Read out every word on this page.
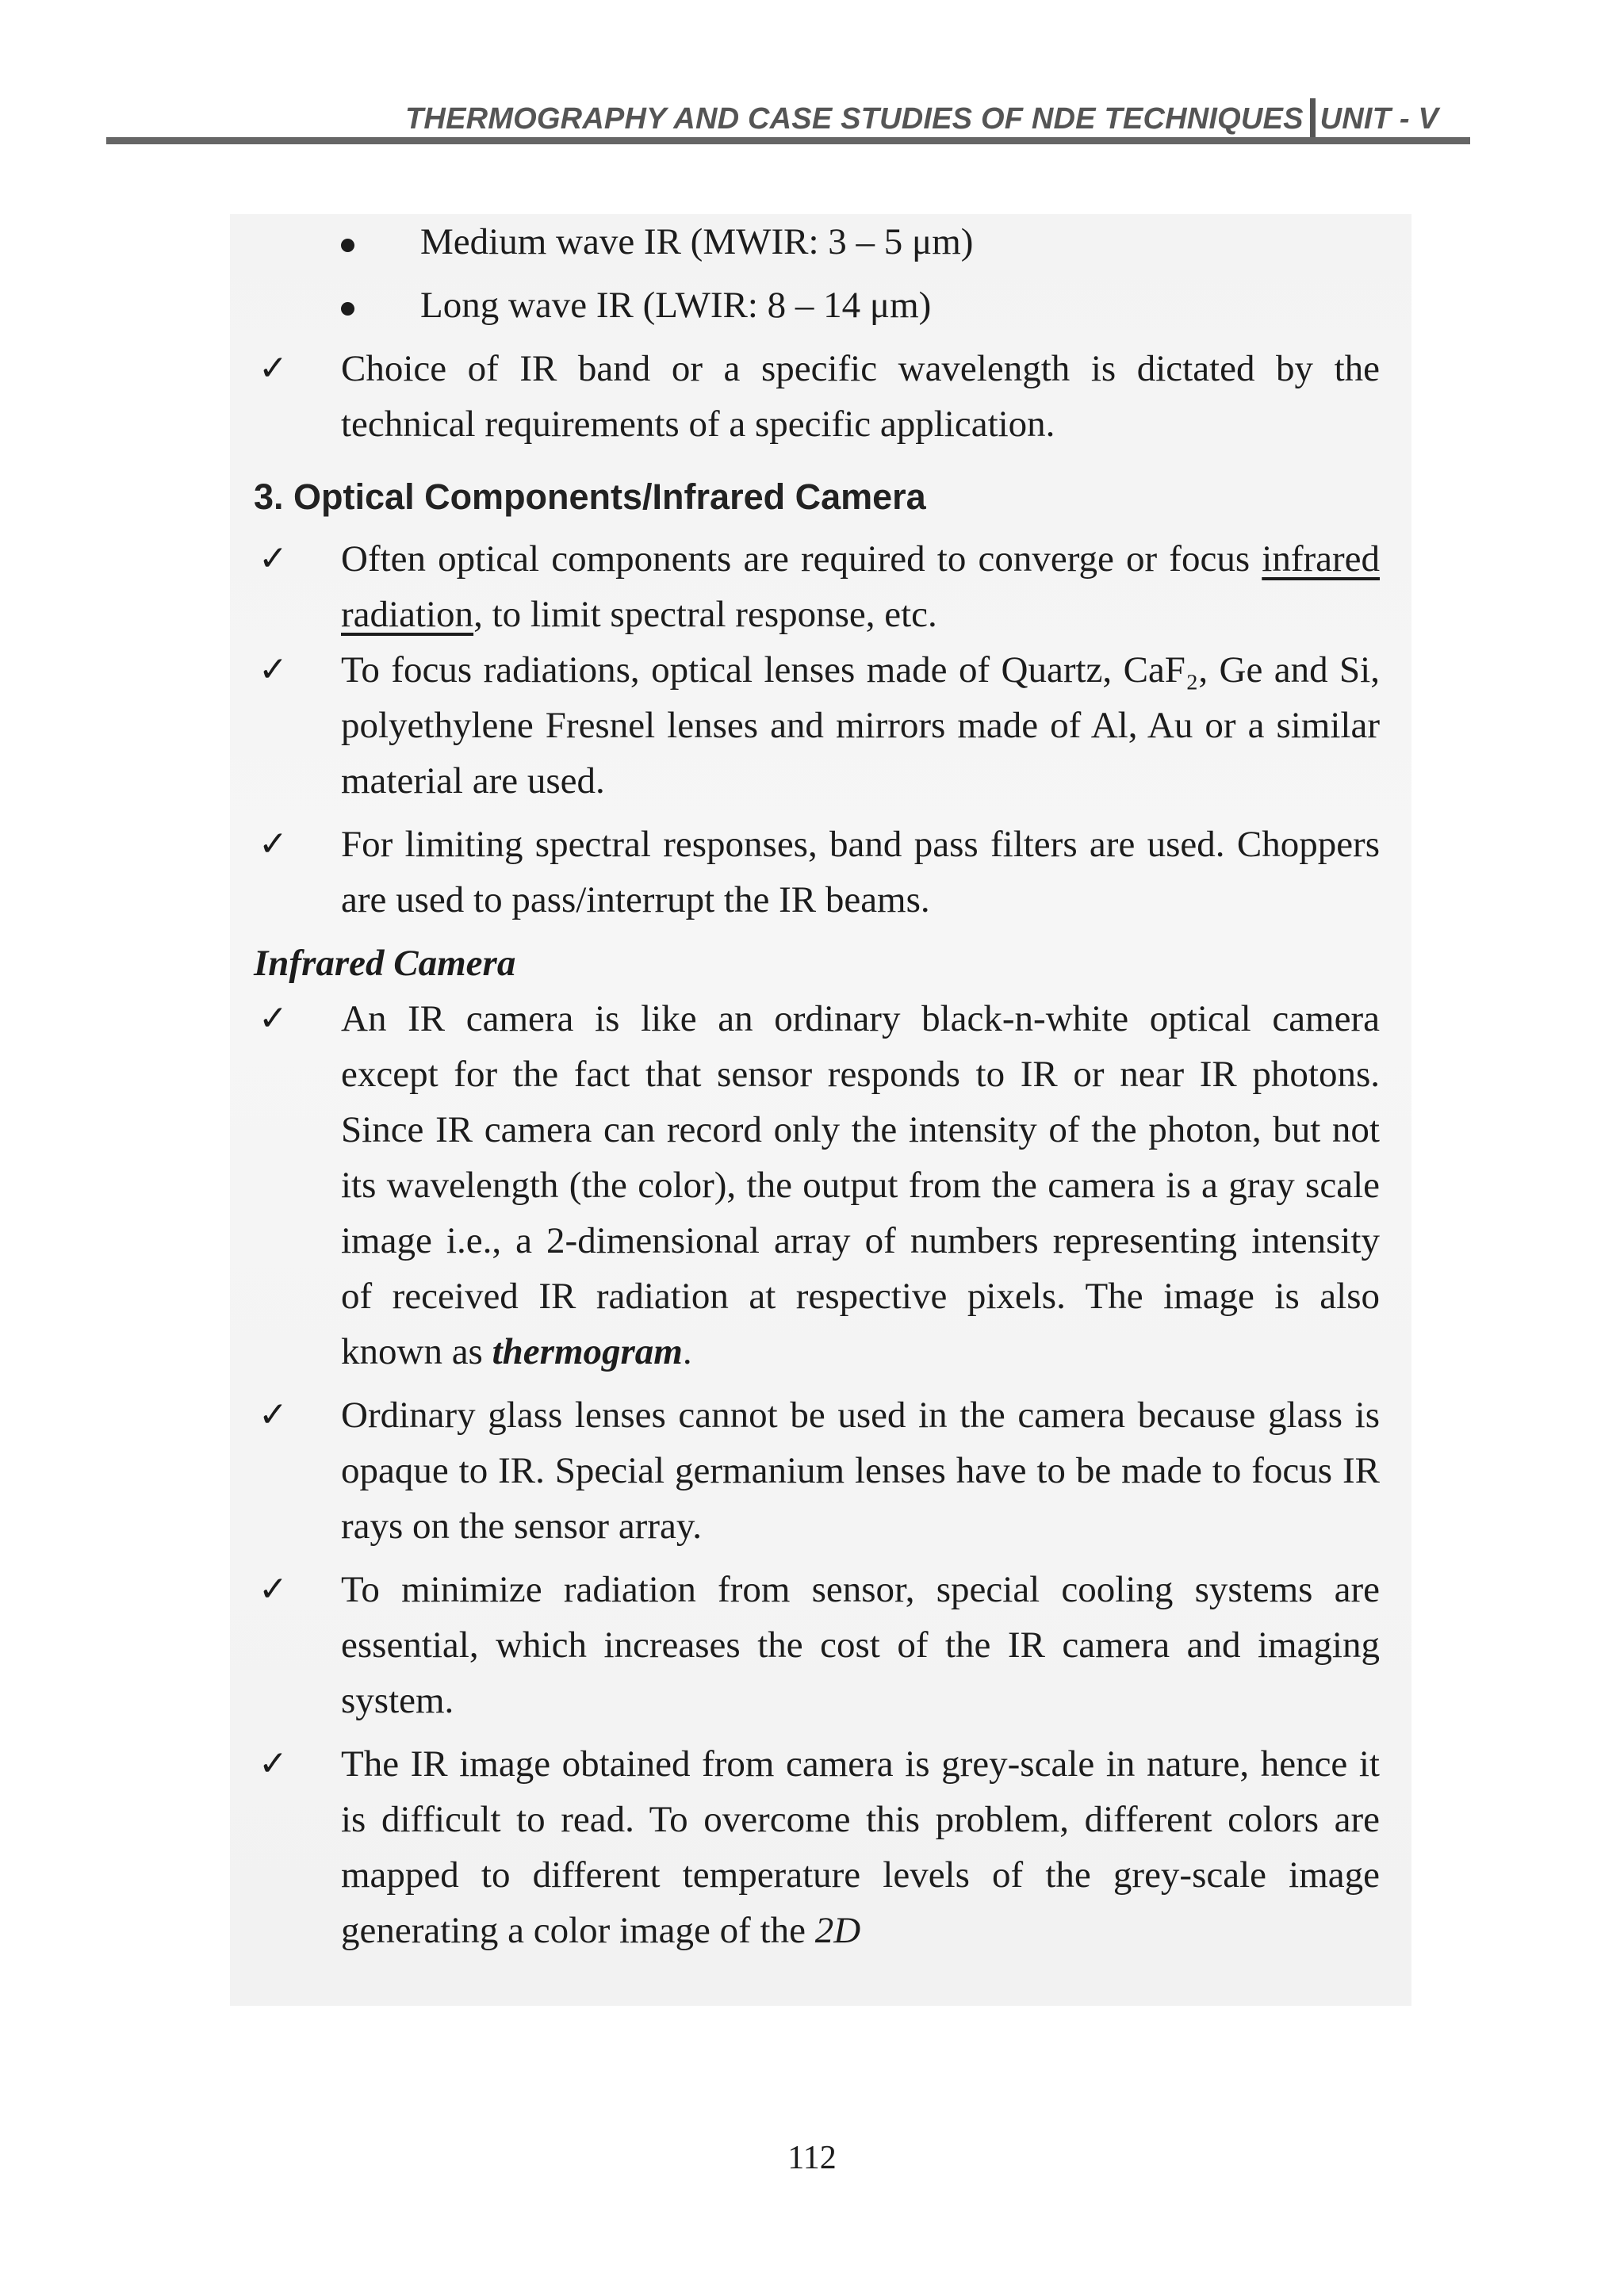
THERMOGRAPHY AND CASE STUDIES OF NDE TECHNIQUES UNIT - V
Medium wave IR (MWIR: 3 – 5 μm)
Long wave IR (LWIR: 8 – 14 μm)
✓ Choice of IR band or a specific wavelength is dictated by the technical requirements of a specific application.
3. Optical Components/Infrared Camera
✓ Often optical components are required to converge or focus infrared radiation, to limit spectral response, etc.
✓ To focus radiations, optical lenses made of Quartz, CaF₂, Ge and Si, polyethylene Fresnel lenses and mirrors made of Al, Au or a similar material are used.
✓ For limiting spectral responses, band pass filters are used. Choppers are used to pass/interrupt the IR beams.
Infrared Camera
✓ An IR camera is like an ordinary black-n-white optical camera except for the fact that sensor responds to IR or near IR photons. Since IR camera can record only the intensity of the photon, but not its wavelength (the color), the output from the camera is a gray scale image i.e., a 2-dimensional array of numbers representing intensity of received IR radiation at respective pixels. The image is also known as thermogram.
✓ Ordinary glass lenses cannot be used in the camera because glass is opaque to IR. Special germanium lenses have to be made to focus IR rays on the sensor array.
✓ To minimize radiation from sensor, special cooling systems are essential, which increases the cost of the IR camera and imaging system.
✓ The IR image obtained from camera is grey-scale in nature, hence it is difficult to read. To overcome this problem, different colors are mapped to different temperature levels of the grey-scale image generating a color image of the 2D
112
